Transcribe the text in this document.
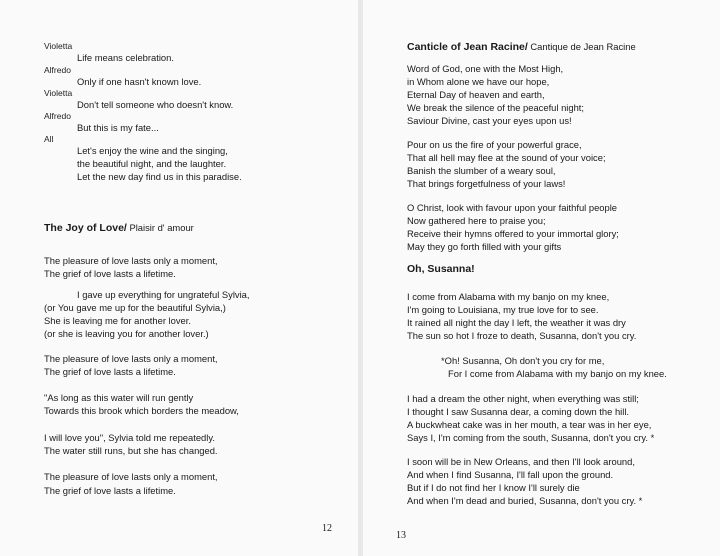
Violetta
Life means celebration.
Alfredo
Only if one hasn't known love.
Violetta
Don't tell someone who doesn't know.
Alfredo
But this is my fate...
All
Let's enjoy the wine and the singing,
the beautiful night, and the laughter.
Let the new day find us in this paradise.
The Joy of Love/ Plaisir d' amour
The pleasure of love lasts only a moment,
The grief of love lasts a lifetime.
I gave up everything for ungrateful Sylvia,
(or You gave me up for the beautiful Sylvia,)
She is leaving me for another lover.
(or she is leaving you for another lover.)
The pleasure of love lasts only a moment,
The grief of love lasts a lifetime.
"As long as this water will run gently
Towards this brook which borders the meadow,
I will love you", Sylvia told me repeatedly.
The water still runs, but she has changed.
The pleasure of love lasts only a moment,
The grief of love lasts a lifetime.
12
Canticle of Jean Racine/ Cantique de Jean Racine
Word of God, one with the Most High,
in Whom alone we have our hope,
Eternal Day of heaven and earth,
We break the silence of the peaceful night;
Saviour Divine, cast your eyes upon us!
Pour on us the fire of your powerful grace,
That all hell may flee at the sound of your voice;
Banish the slumber of a weary soul,
That brings forgetfulness of your laws!
O Christ, look with favour upon your faithful people
Now gathered here to praise you;
Receive their hymns offered to your immortal glory;
May they go forth filled with your gifts
Oh, Susanna!
I come from Alabama with my banjo on my knee,
I'm going to Louisiana, my true love for to see.
It rained all night the day I left, the weather it was dry
The sun so hot I froze to death, Susanna, don't you cry.
*Oh! Susanna, Oh don't you cry for me,
For I come from Alabama with my banjo on my knee.
I had a dream the other night, when everything was still;
I thought I saw Susanna dear, a coming down the hill.
A buckwheat cake was in her mouth, a tear was in her eye,
Says I, I'm coming from the south, Susanna, don't you cry. *
I soon will be in New Orleans, and then I'll look around,
And when I find Susanna, I'll fall upon the ground.
But if I do not find her I know I'll surely die
And when I'm dead and buried, Susanna, don't you cry. *
13
